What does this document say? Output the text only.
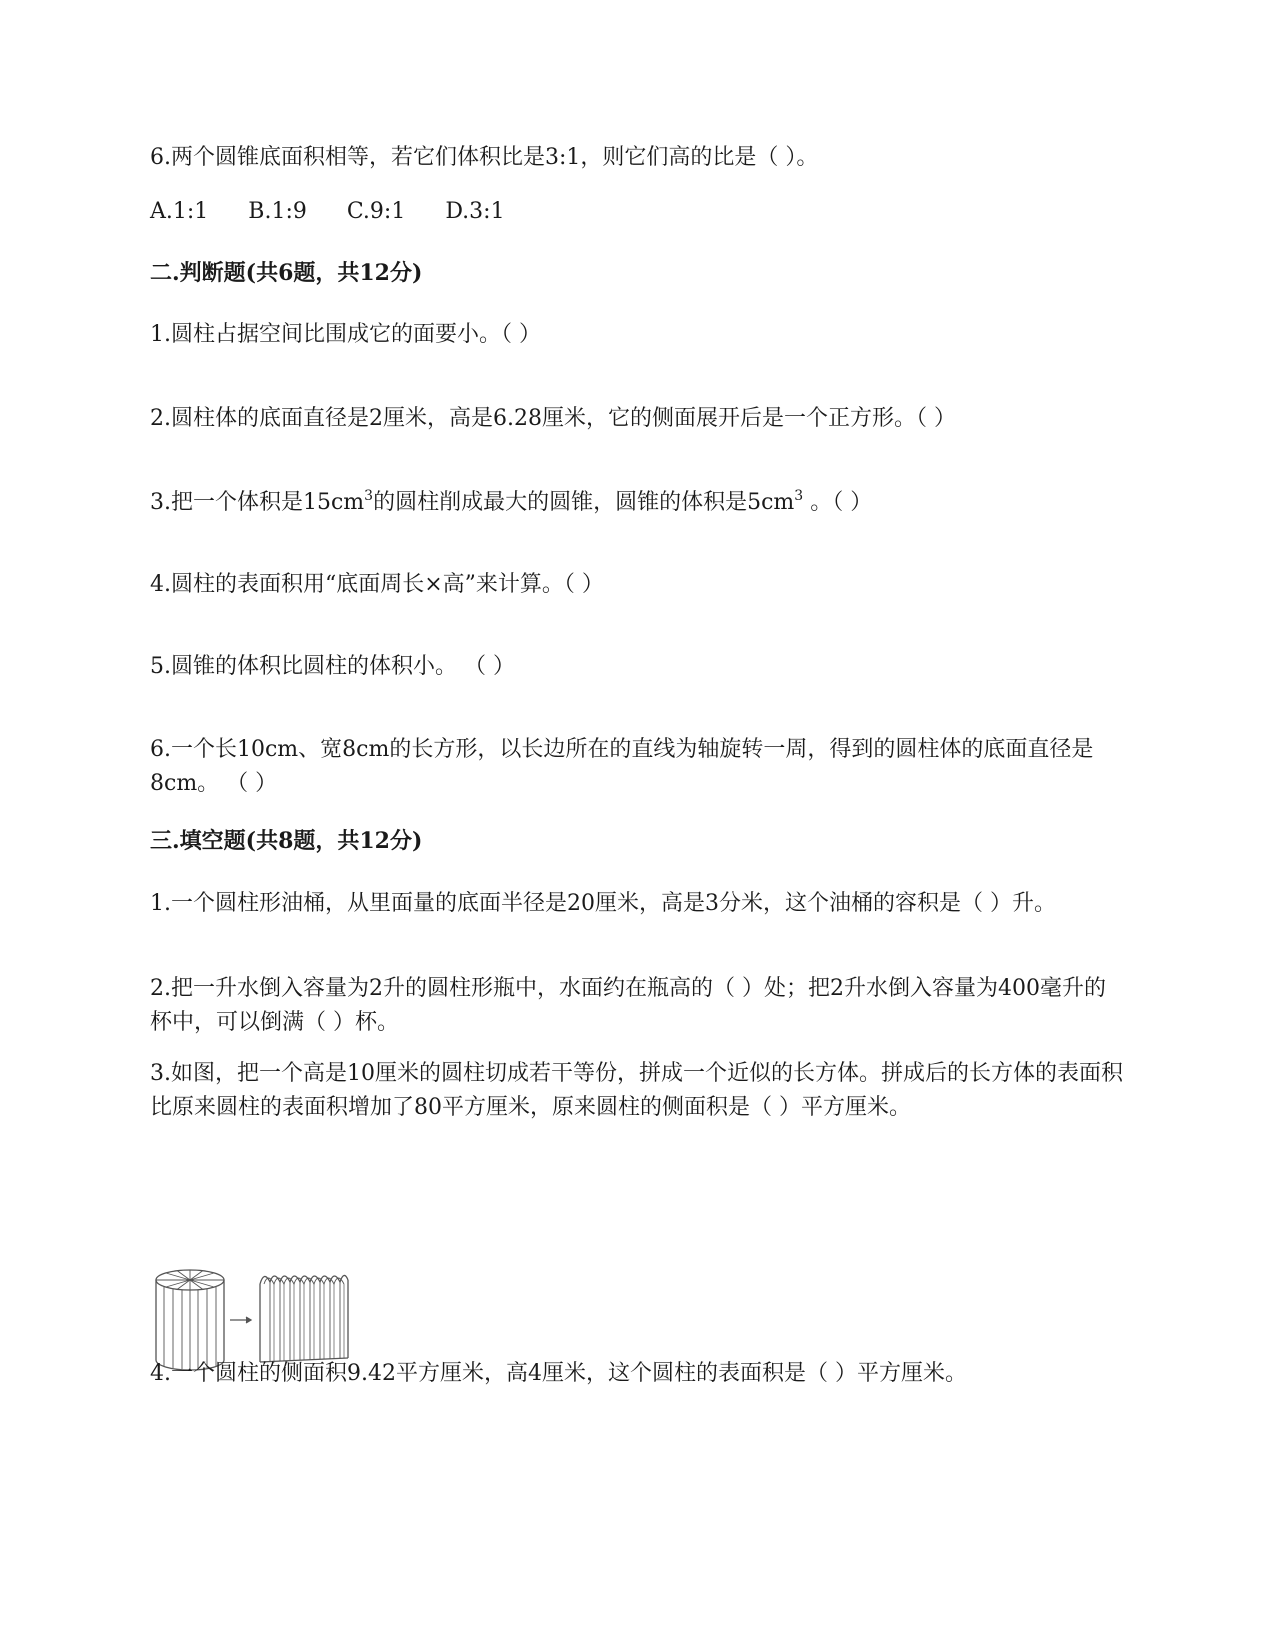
6.两个圆锥底面积相等，若它们体积比是3:1，则它们高的比是（ ）。
A.1:1 B.1:9 C.9:1 D.3:1
二.判断题(共6题，共12分)
1.圆柱占据空间比围成它的面要小。（ ）
2.圆柱体的底面直径是2厘米，高是6.28厘米，它的侧面展开后是一个正方形。（ ）
3.把一个体积是$15cm^3$的圆柱削成最大的圆锥，圆锥的体积是$5cm^3$ 。（ ）
4.圆柱的表面积用“底面周长×高”来计算。（ ）
5.圆锥的体积比圆柱的体积小。 （ ）
6.一个长10cm、宽8cm的长方形，以长边所在的直线为轴旋转一周，得到的圆柱体的底面直径是8cm。 （ ）
三.填空题(共8题，共12分)
1.一个圆柱形油桶，从里面量的底面半径是20厘米，高是3分米，这个油桶的容积是（ ）升。
2.把一升水倒入容量为2升的圆柱形瓶中，水面约在瓶高的（ ）处；把2升水倒入容量为400毫升的杯中，可以倒满（ ）杯。
3.如图，把一个高是10厘米的圆柱切成若干等份，拼成一个近似的长方体。拼成后的长方体的表面积比原来圆柱的表面积增加了80平方厘米，原来圆柱的侧面积是（ ）平方厘米。
4.一个圆柱的侧面积9.42平方厘米，高4厘米，这个圆柱的表面积是（ ）平方厘米。
